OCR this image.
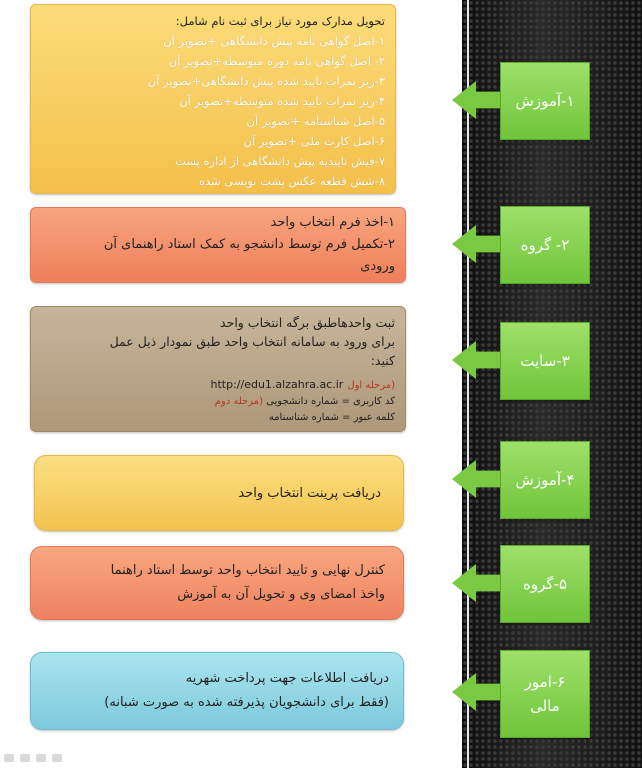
۱-آموزش
تحویل مدارک مورد نیاز برای ثبت نام شامل:
۱-اصل گواهی نامه پیش دانشگاهی +تصویر آن
۲- اصل گواهی نامه دوره متوسطه+تصویر آن
۳-ریز نمرات تایید شده پیش دانشگاهی+تصویر آن
۴-ریز نمرات تایید شده متوسطه+تصویر آن
۵-اصل شناسنامه +تصویر آن
۶-اصل کارت ملی +تصویر آن
۷-فیش تاییدیه پیش دانشگاهی از اداره پست
۸-شش قطعه عکس پشت نویسی شده
۲- گروه
۱-اخذ فرم انتخاب واحد
۲-تکمیل فرم توسط دانشجو به کمک استاد راهنمای آن
ورودی
۳-سایت
ثبت واحدهاطبق برگه انتخاب واحد
برای ورود به سامانه انتخاب واحد طبق نمودار ذیل عمل
کنید:
(مرحله اول http://edu1.alzahra.ac.ir
کد کاربری = شماره دانشجویی (مرحله دوم
کلمه عبور = شماره شناسنامه
۴-آموزش
دریافت پرینت انتخاب واحد
۵-گروه
کنترل نهایی و تایید انتخاب واحد توسط استاد راهنما
واخذ امضای وی و تحویل آن به آموزش
۶-امور
مالی
دریافت اطلاعات جهت پرداخت شهریه
(فقط برای دانشجویان پذیرفته شده به صورت شبانه)
